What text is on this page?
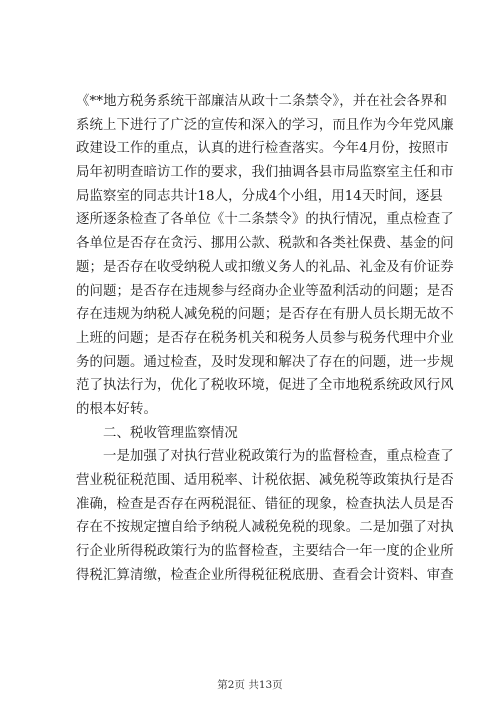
《**地方税务系统干部廉洁从政十二条禁令》，并在社会各界和
系统上下进行了广泛的宣传和深入的学习，而且作为今年党风廉
政建设工作的重点，认真的进行检查落实。今年4月份，按照市
局年初明查暗访工作的要求，我们抽调各县市局监察室主任和市
局监察室的同志共计18人，分成4个小组，用14天时间，逐县
逐所逐条检查了各单位《十二条禁令》的执行情况，重点检查了
各单位是否存在贪污、挪用公款、税款和各类社保费、基金的问
题；是否存在收受纳税人或扣缴义务人的礼品、礼金及有价证券
的问题；是否存在违规参与经商办企业等盈利活动的问题；是否
存在违规为纳税人减免税的问题；是否存在有册人员长期无故不
上班的问题；是否存在税务机关和税务人员参与税务代理中介业
务的问题。通过检查，及时发现和解决了存在的问题，进一步规
范了执法行为，优化了税收环境，促进了全市地税系统政风行风
的根本好转。
二、税收管理监察情况
一是加强了对执行营业税政策行为的监督检查，重点检查了
营业税征税范围、适用税率、计税依据、减免税等政策执行是否
准确，检查是否存在两税混征、错征的现象，检查执法人员是否
存在不按规定擅自给予纳税人减税免税的现象。二是加强了对执
行企业所得税政策行为的监督检查，主要结合一年一度的企业所
得税汇算清缴，检查企业所得税征税底册、查看会计资料、审查
第2页 共13页
